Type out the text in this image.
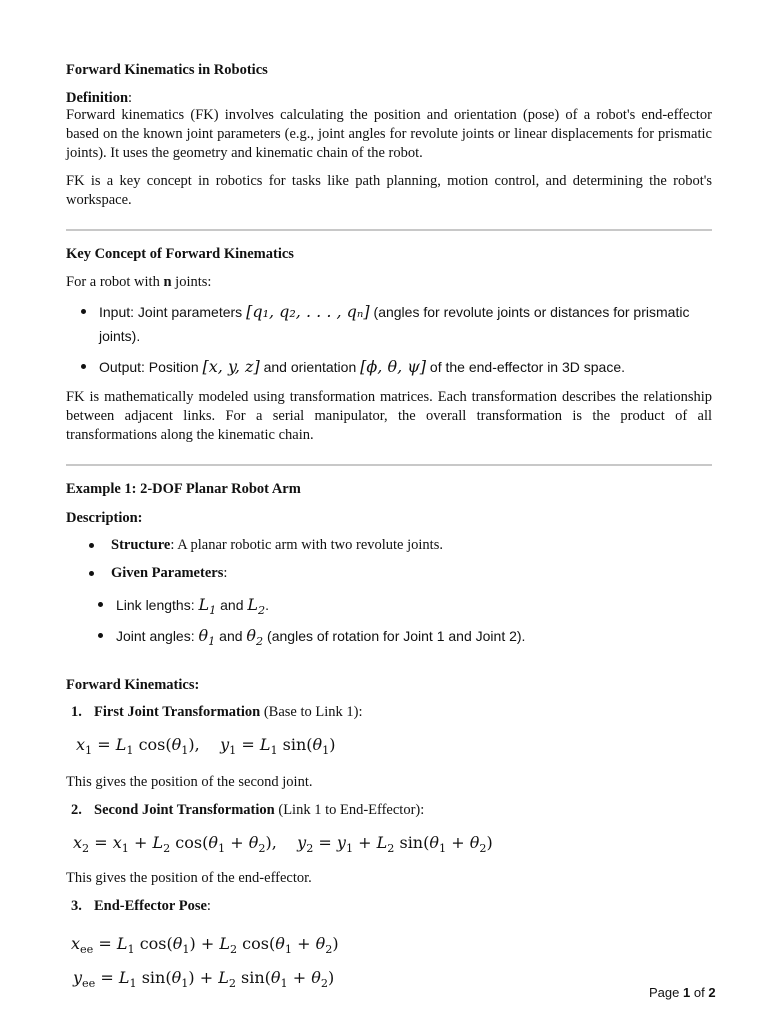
Forward Kinematics in Robotics
Definition:
Forward kinematics (FK) involves calculating the position and orientation (pose) of a robot's end-effector based on the known joint parameters (e.g., joint angles for revolute joints or linear displacements for prismatic joints). It uses the geometry and kinematic chain of the robot.
FK is a key concept in robotics for tasks like path planning, motion control, and determining the robot's workspace.
Key Concept of Forward Kinematics
For a robot with n joints:
Input: Joint parameters [q₁, q₂, . . . , qₙ] (angles for revolute joints or distances for prismatic
joints).
Output: Position [x, y, z] and orientation [ϕ, θ, ψ] of the end-effector in 3D space.
FK is mathematically modeled using transformation matrices. Each transformation describes the relationship between adjacent links. For a serial manipulator, the overall transformation is the product of all transformations along the kinematic chain.
Example 1: 2-DOF Planar Robot Arm
Description:
Structure: A planar robotic arm with two revolute joints.
Given Parameters:
Link lengths: $L_1$ and $L_2$.
Joint angles: $\theta_1$ and $\theta_2$ (angles of rotation for Joint 1 and Joint 2).
Forward Kinematics:
1. First Joint Transformation (Base to Link 1):
$x_1 = L_1$ $\cos(\theta_1)$,    $y_1 = L_1$ $\sin(\theta_1)$
This gives the position of the second joint.
2. Second Joint Transformation (Link 1 to End-Effector):
$x_2 = x_1 + L_2$ $\cos(\theta_1 + \theta_2)$,    $y_2 = y_1 + L_2$ $\sin(\theta_1 + \theta_2)$
This gives the position of the end-effector.
3. End-Effector Pose:
$x_{ee} = L_1$ $\cos(\theta_1) + L_2$ $\cos(\theta_1 + \theta_2)$
$y_{ee} = L_1$ $\sin(\theta_1) + L_2$ $\sin(\theta_1 + \theta_2)$
Page 1 of 2
